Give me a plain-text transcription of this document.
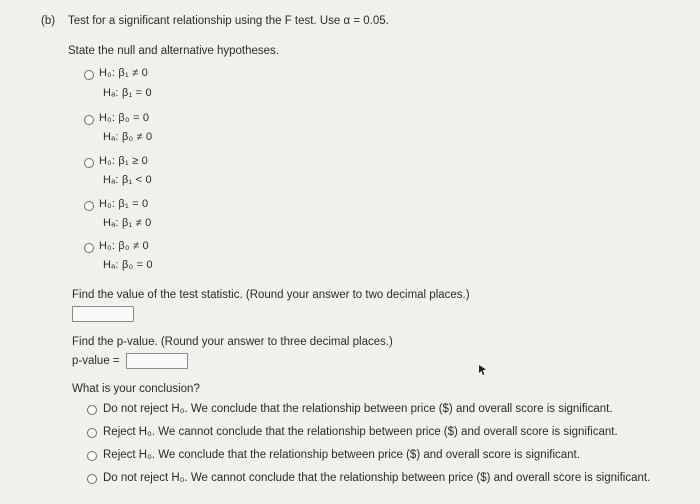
(b) Test for a significant relationship using the F test. Use α = 0.05.
State the null and alternative hypotheses.
H₀: β₁ ≠ 0
Hₐ: β₁ = 0
H₀: β₀ = 0
Hₐ: β₀ ≠ 0
H₀: β₁ ≥ 0
Hₐ: β₁ < 0
H₀: β₁ = 0
Hₐ: β₁ ≠ 0
H₀: β₀ ≠ 0
Hₐ: β₀ = 0
Find the value of the test statistic. (Round your answer to two decimal places.)
Find the p-value. (Round your answer to three decimal places.)
p-value =
What is your conclusion?
Do not reject H₀. We conclude that the relationship between price ($) and overall score is significant.
Reject H₀. We cannot conclude that the relationship between price ($) and overall score is significant.
Reject H₀. We conclude that the relationship between price ($) and overall score is significant.
Do not reject H₀. We cannot conclude that the relationship between price ($) and overall score is significant.
